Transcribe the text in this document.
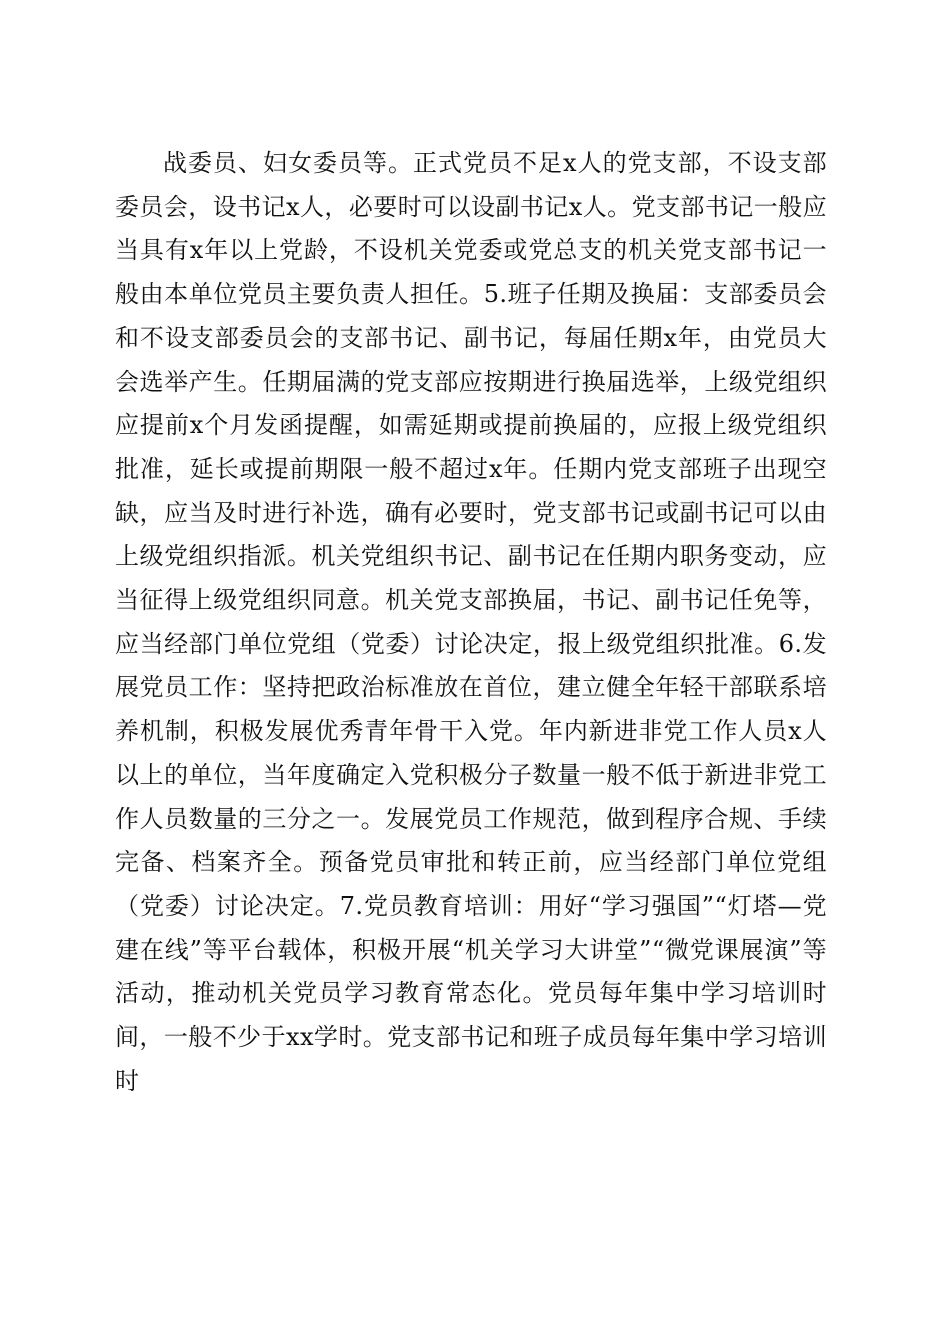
战委员、妇女委员等。正式党员不足x人的党支部，不设支部委员会，设书记x人，必要时可以设副书记x人。党支部书记一般应当具有x年以上党龄，不设机关党委或党总支的机关党支部书记一般由本单位党员主要负责人担任。5.班子任期及换届：支部委员会和不设支部委员会的支部书记、副书记，每届任期x年，由党员大会选举产生。任期届满的党支部应按期进行换届选举，上级党组织应提前x个月发函提醒，如需延期或提前换届的，应报上级党组织批准，延长或提前期限一般不超过x年。任期内党支部班子出现空缺，应当及时进行补选，确有必要时，党支部书记或副书记可以由上级党组织指派。机关党组织书记、副书记在任期内职务变动，应当征得上级党组织同意。机关党支部换届，书记、副书记任免等，应当经部门单位党组（党委）讨论决定，报上级党组织批准。6.发展党员工作：坚持把政治标准放在首位，建立健全年轻干部联系培养机制，积极发展优秀青年骨干入党。年内新进非党工作人员x人以上的单位，当年度确定入党积极分子数量一般不低于新进非党工作人员数量的三分之一。发展党员工作规范，做到程序合规、手续完备、档案齐全。预备党员审批和转正前，应当经部门单位党组（党委）讨论决定。7.党员教育培训：用好“学习强国”“灯塔—党建在线”等平台载体，积极开展“机关学习大讲堂”“微党课展演”等活动，推动机关党员学习教育常态化。党员每年集中学习培训时间，一般不少于xx学时。党支部书记和班子成员每年集中学习培训时
